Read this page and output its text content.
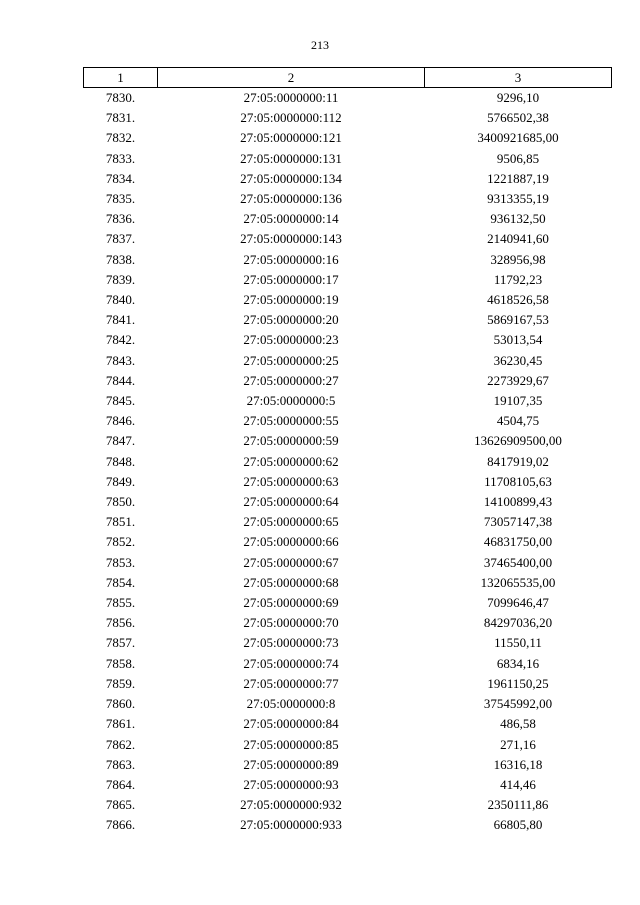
213
1	2	3
7830.	27:05:0000000:11	9296,10
7831.	27:05:0000000:112	5766502,38
7832.	27:05:0000000:121	3400921685,00
7833.	27:05:0000000:131	9506,85
7834.	27:05:0000000:134	1221887,19
7835.	27:05:0000000:136	9313355,19
7836.	27:05:0000000:14	936132,50
7837.	27:05:0000000:143	2140941,60
7838.	27:05:0000000:16	328956,98
7839.	27:05:0000000:17	11792,23
7840.	27:05:0000000:19	4618526,58
7841.	27:05:0000000:20	5869167,53
7842.	27:05:0000000:23	53013,54
7843.	27:05:0000000:25	36230,45
7844.	27:05:0000000:27	2273929,67
7845.	27:05:0000000:5	19107,35
7846.	27:05:0000000:55	4504,75
7847.	27:05:0000000:59	13626909500,00
7848.	27:05:0000000:62	8417919,02
7849.	27:05:0000000:63	11708105,63
7850.	27:05:0000000:64	14100899,43
7851.	27:05:0000000:65	73057147,38
7852.	27:05:0000000:66	46831750,00
7853.	27:05:0000000:67	37465400,00
7854.	27:05:0000000:68	132065535,00
7855.	27:05:0000000:69	7099646,47
7856.	27:05:0000000:70	84297036,20
7857.	27:05:0000000:73	11550,11
7858.	27:05:0000000:74	6834,16
7859.	27:05:0000000:77	1961150,25
7860.	27:05:0000000:8	37545992,00
7861.	27:05:0000000:84	486,58
7862.	27:05:0000000:85	271,16
7863.	27:05:0000000:89	16316,18
7864.	27:05:0000000:93	414,46
7865.	27:05:0000000:932	2350111,86
7866.	27:05:0000000:933	66805,80
